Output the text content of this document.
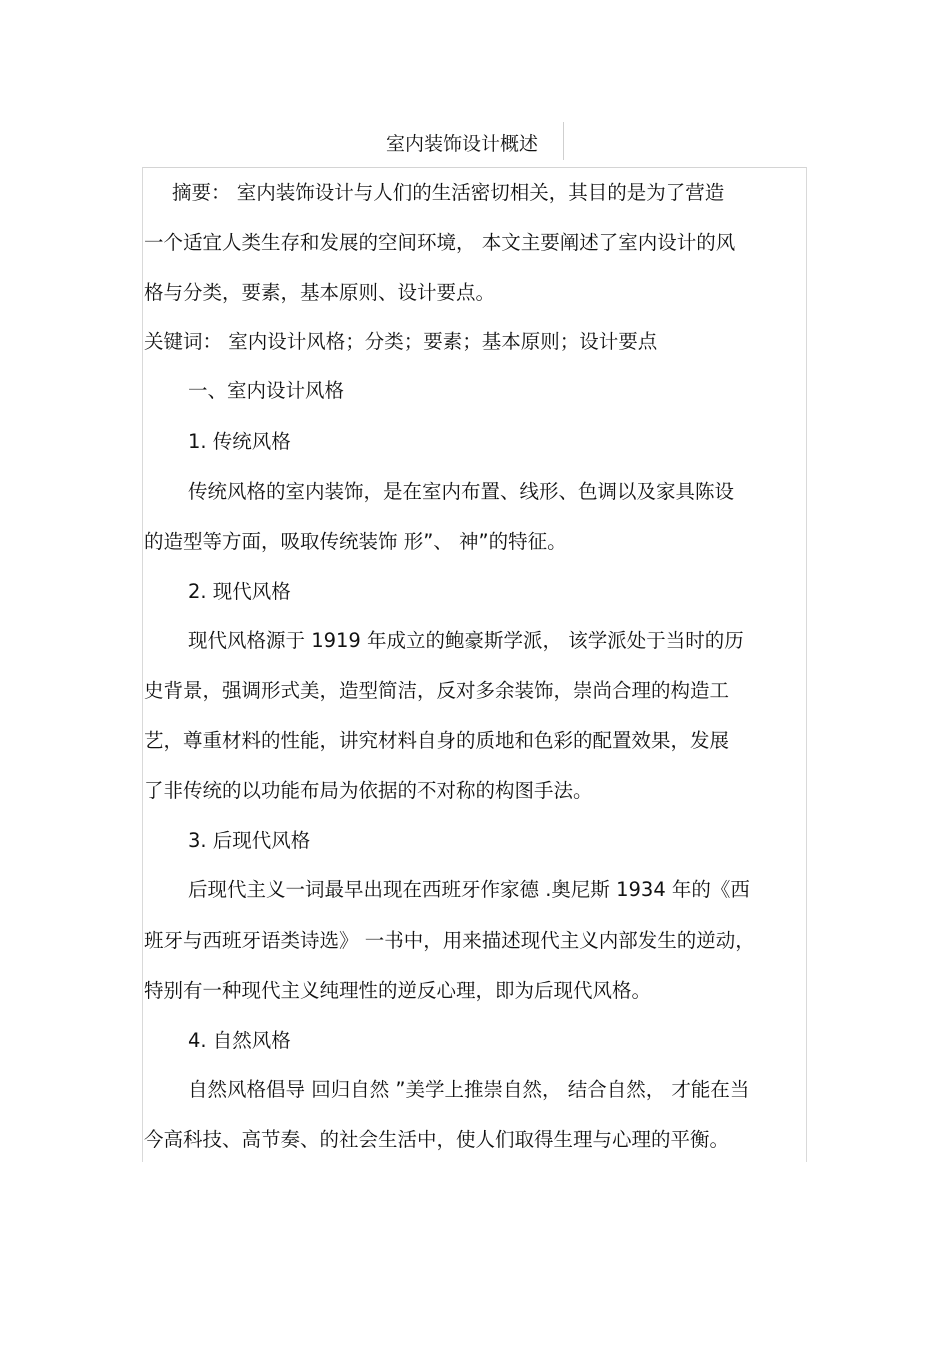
室内装饰设计概述
摘要： 室内装饰设计与人们的生活密切相关，其目的是为了营造
一个适宜人类生存和发展的空间环境， 本文主要阐述了室内设计的风
格与分类，要素，基本原则、设计要点。
关键词： 室内设计风格；分类；要素；基本原则；设计要点
一、室内设计风格
1. 传统风格
传统风格的室内装饰，是在室内布置、线形、色调以及家具陈设
的造型等方面，吸取传统装饰 形”、 神”的特征。
2. 现代风格
现代风格源于 1919 年成立的鲍豪斯学派， 该学派处于当时的历
史背景，强调形式美，造型简洁，反对多余装饰，崇尚合理的构造工
艺，尊重材料的性能，讲究材料自身的质地和色彩的配置效果，发展
了非传统的以功能布局为依据的不对称的构图手法。
3. 后现代风格
后现代主义一词最早出现在西班牙作家德 .奥尼斯 1934 年的《西
班牙与西班牙语类诗选》 一书中，用来描述现代主义内部发生的逆动，
特别有一种现代主义纯理性的逆反心理，即为后现代风格。
4. 自然风格
自然风格倡导 回归自然 ”美学上推崇自然， 结合自然， 才能在当
今高科技、高节奏、的社会生活中，使人们取得生理与心理的平衡。
